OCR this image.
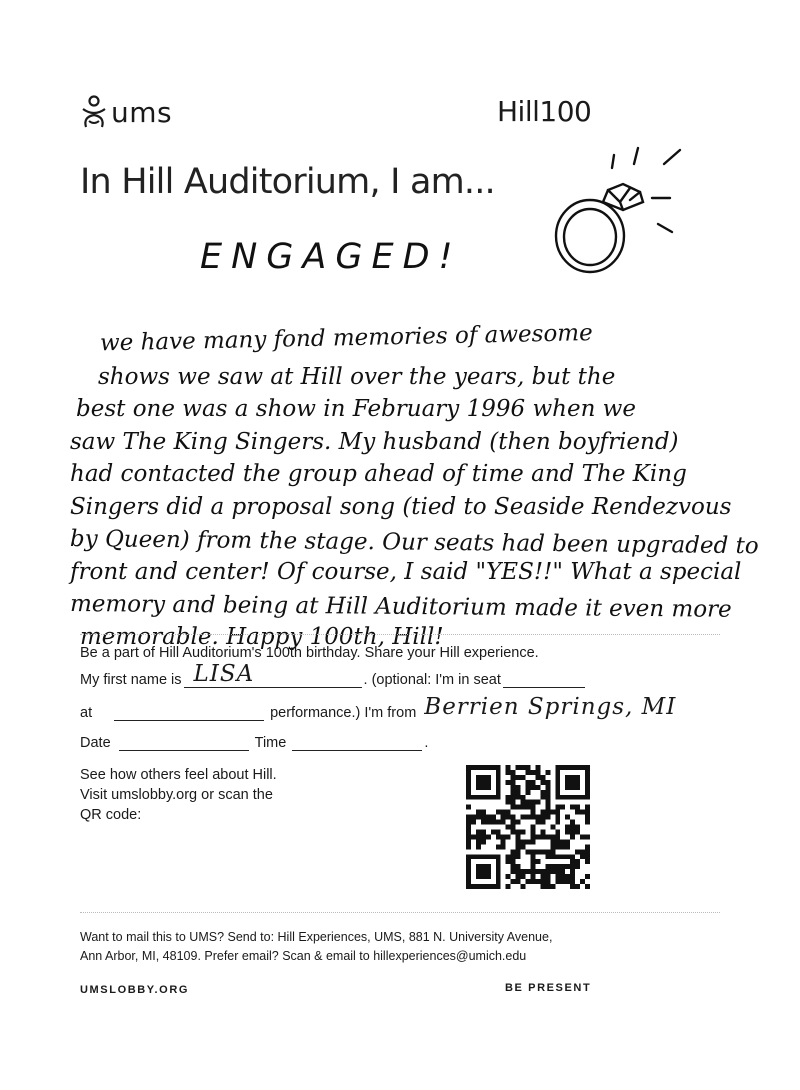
ums	Hill100
In Hill Auditorium, I am...
ENGAGED!
we have many fond memories of awesome
shows we saw at Hill over the years, but the
best one was a show in February 1996 when we
saw The King Singers. My husband (then boyfriend)
had contacted the group ahead of time and The King
Singers did a proposal song (tied to Seaside Rendezvous
by Queen) from the stage. Our seats had been upgraded to
front and center! Of course, I said "YES!!" What a special
memory and being at Hill Auditorium made it even more
memorable. Happy 100th, Hill!
Be a part of Hill Auditorium's 100th birthday. Share your Hill experience.
My first name is LISA	. (optional: I'm in seat
at	performance.) I'm from Berrien Springs, MI
Date	Time	.
See how others feel about Hill.
Visit umslobby.org or scan the
QR code:
Want to mail this to UMS? Send to: Hill Experiences, UMS, 881 N. University Avenue,
Ann Arbor, MI, 48109. Prefer email? Scan & email to hillexperiences@umich.edu
UMSLOBBY.ORG	BE PRESENT
